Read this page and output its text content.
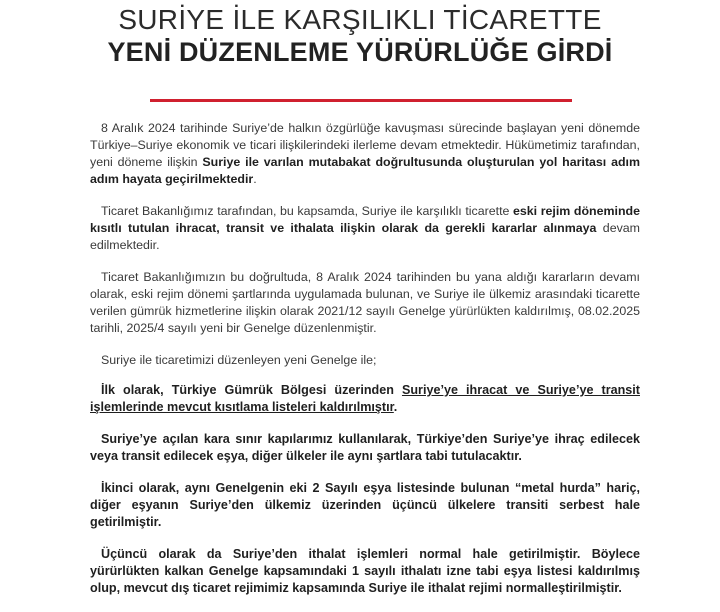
SURİYE İLE KARŞILIKLI TİCARETTE
YENİ DÜZENLEME YÜRÜRLÜĞE GİRDİ

8 Aralık 2024 tarihinde Suriye’de halkın özgürlüğe kavuşması sürecinde başlayan yeni dönemde Türkiye–Suriye ekonomik ve ticari ilişkilerindeki ilerleme devam etmektedir. Hükümetimiz tarafından, yeni döneme ilişkin Suriye ile varılan mutabakat doğrultusunda oluşturulan yol haritası adım adım hayata geçirilmektedir.

Ticaret Bakanlığımız tarafından, bu kapsamda, Suriye ile karşılıklı ticarette eski rejim döneminde kısıtlı tutulan ihracat, transit ve ithalata ilişkin olarak da gerekli kararlar alınmaya devam edilmektedir.

Ticaret Bakanlığımızın bu doğrultuda, 8 Aralık 2024 tarihinden bu yana aldığı kararların devamı olarak, eski rejim dönemi şartlarında uygulamada bulunan, ve Suriye ile ülkemiz arasındaki ticarette verilen gümrük hizmetlerine ilişkin olarak 2021/12 sayılı Genelge yürürlükten kaldırılmış, 08.02.2025 tarihli, 2025/4 sayılı yeni bir Genelge düzenlenmiştir.

Suriye ile ticaretimizi düzenleyen yeni Genelge ile;

İlk olarak, Türkiye Gümrük Bölgesi üzerinden Suriye’ye ihracat ve Suriye’ye transit işlemlerinde mevcut kısıtlama listeleri kaldırılmıştır.

Suriye’ye açılan kara sınır kapılarımız kullanılarak, Türkiye’den Suriye’ye ihraç edilecek veya transit edilecek eşya, diğer ülkeler ile aynı şartlara tabi tutulacaktır.

İkinci olarak, aynı Genelgenin eki 2 Sayılı eşya listesinde bulunan “metal hurda” hariç, diğer eşyanın Suriye’den ülkemiz üzerinden üçüncü ülkelere transiti serbest hale getirilmiştir.

Üçüncü olarak da Suriye’den ithalat işlemleri normal hale getirilmiştir. Böylece yürürlükten kalkan Genelge kapsamındaki 1 sayılı ithalatı izne tabi eşya listesi kaldırılmış olup, mevcut dış ticaret rejimimiz kapsamında Suriye ile ithalat rejimi normalleştirilmiştir.
